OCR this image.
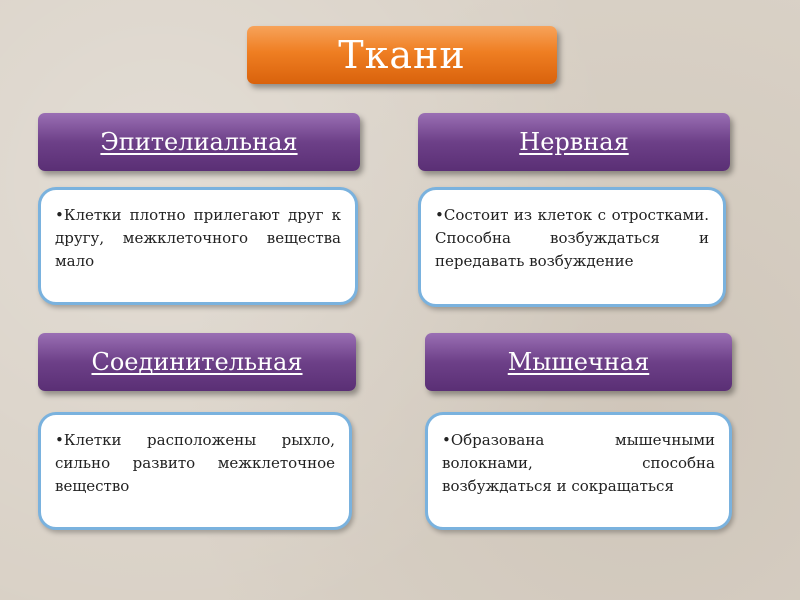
Ткани
Эпителиальная
•Клетки плотно прилегают друг к другу, межклеточного вещества мало
Нервная
•Состоит из клеток с отростками. Способна возбуждаться и передавать возбуждение
Соединительная
•Клетки расположены рыхло, сильно развито межклеточное вещество
Мышечная
•Образована мышечными волокнами, способна возбуждаться и сокращаться
